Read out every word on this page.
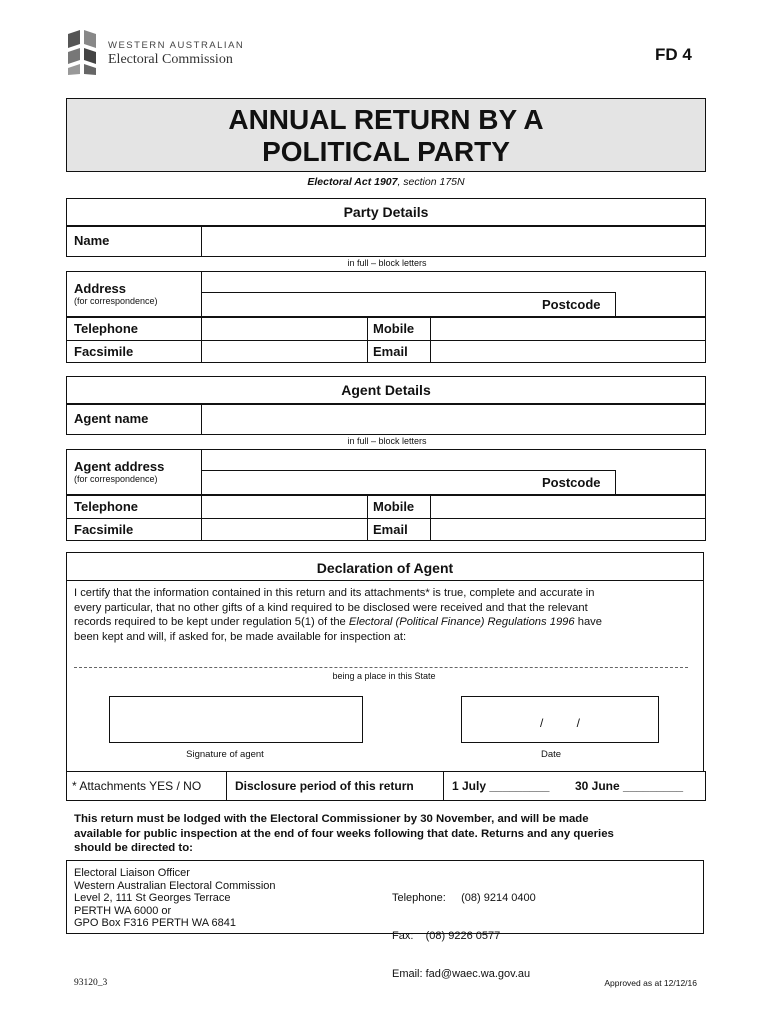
WESTERN AUSTRALIAN
Electoral Commission	FD 4
ANNUAL RETURN BY A
POLITICAL PARTY
Electoral Act 1907, section 175N
Party Details
Name
in full – block letters
Address
(for correspondence)	Postcode
Telephone	Mobile
Facsimile	Email
Agent Details
Agent name
in full – block letters
Agent address
(for correspondence)	Postcode
Telephone	Mobile
Facsimile	Email
Declaration of Agent
I certify that the information contained in this return and its attachments* is true, complete and accurate in
every particular, that no other gifts of a kind required to be disclosed were received and that the relevant
records required to be kept under regulation 5(1) of the Electoral (Political Finance) Regulations 1996 have
been kept and will, if asked for, be made available for inspection at:
being a place in this State
/          /
Signature of agent	Date
* Attachments YES / NO	Disclosure period of this return	1 July _________ 30 June _________
This return must be lodged with the Electoral Commissioner by 30 November, and will be made
available for public inspection at the end of four weeks following that date. Returns and any queries
should be directed to:
Electoral Liaison Officer
Western Australian Electoral Commission
Level 2, 111 St Georges Terrace
PERTH WA 6000 or
GPO Box F316 PERTH WA 6841

Telephone:     (08) 9214 0400

Fax:    (08) 9226 0577

Email: fad@waec.wa.gov.au

93120_3	Approved as at 12/12/16
